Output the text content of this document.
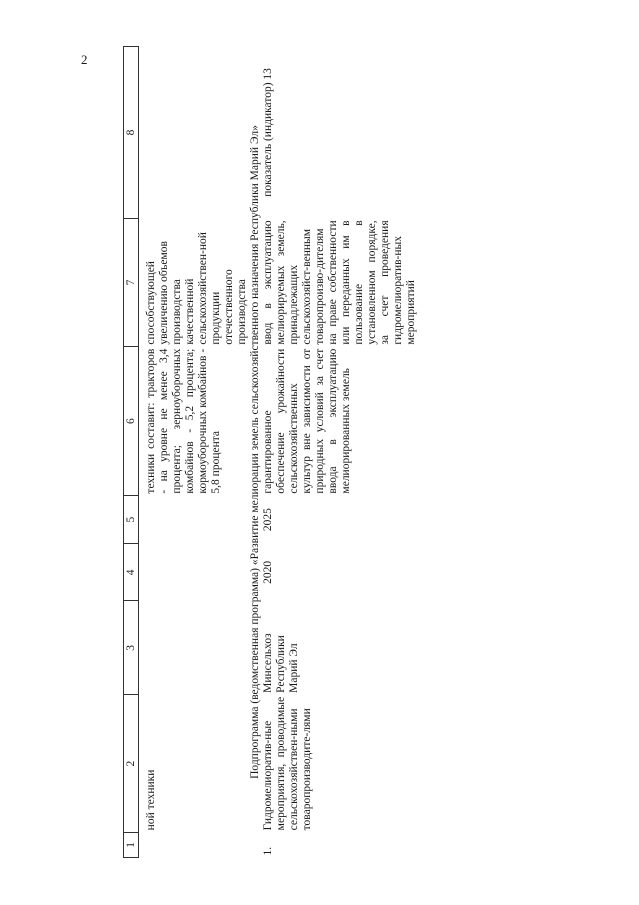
2
1	2	3	4	5	6	7	8
	ной техники				техники составит: тракторов - на уровне не менее 3,4 процента; зерноуборочных комбайнов - 5,2 процента; кормоуборочных комбайнов - 5,8 процента	способствующей увеличению объемов производства качественной сельскохозяйствен-ной продукции отечественного производства	
Подпрограмма (ведомственная программа) «Развитие мелиорации земель сельскохозяйственного назначения Республики Марий Эл»							
1.	Гидромелиоратив-ные мероприятия, проводимые сельскохозяйствен-ными товаропроизводите-лями	Минсельхоз Республики Марий Эл	2020	2025	гарантированное обеспечение урожайности сельскохозяйственных культур вне зависимости от природных условий за счет ввода в эксплуатацию мелиорированных земель	ввод в эксплуатацию мелиорируемых земель, принадлежащих сельскохозяйст-венным товаропроизво-дителям на праве собственности или переданных им в пользование в установленном порядке, за счет проведения гидромелиоратив-ных мероприятий	показатель (индикатор) 13
